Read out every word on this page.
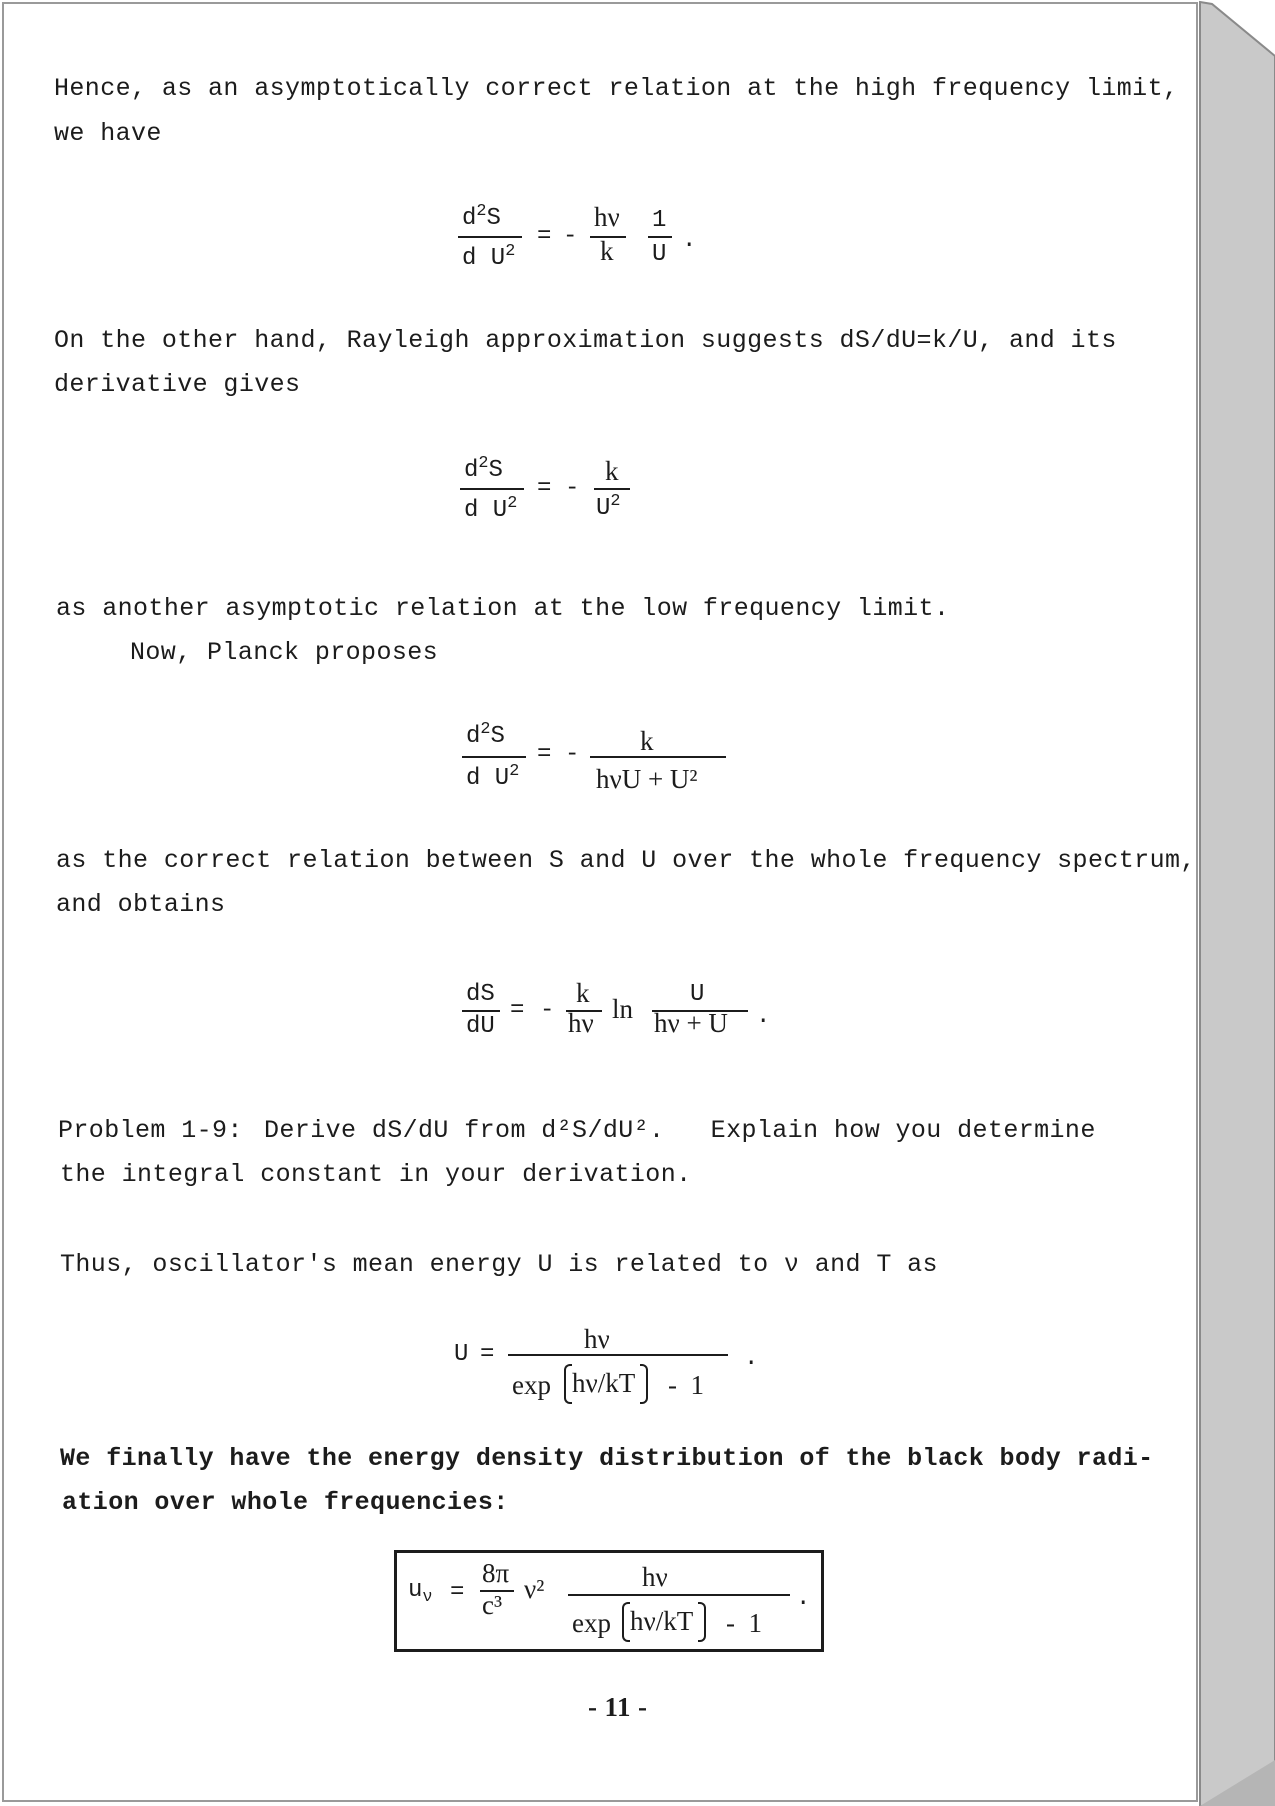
Hence, as an asymptotically correct relation at the high frequency limit,
we have
$d^2S$
d $U^2$
= -
hν
k
1
U
.
On the other hand, Rayleigh approximation suggests dS/dU=k/U, and its
derivative gives
$d^2S$
d $U^2$
= -
k
$U^2$
as another asymptotic relation at the low frequency limit.
Now, Planck proposes
$d^2S$
d $U^2$
= - k
hνU + U²
as the correct relation between S and U over the whole frequency spectrum,
and obtains
dS
dU
= -
k
hν ln U
hν + U .
Problem 1-9: Derive dS/dU from d²S/dU².   Explain how you determine
the integral constant in your derivation.
Thus, oscillator's mean energy U is related to ν and T as
U =
hν
exp hν/kT -  1
.
We finally have the energy density distribution of the black body radi-
ation over whole frequencies:
$u_\nu$ =
8π
c³
ν²	hν
exp hν/kT -  1
.
- 11 -
